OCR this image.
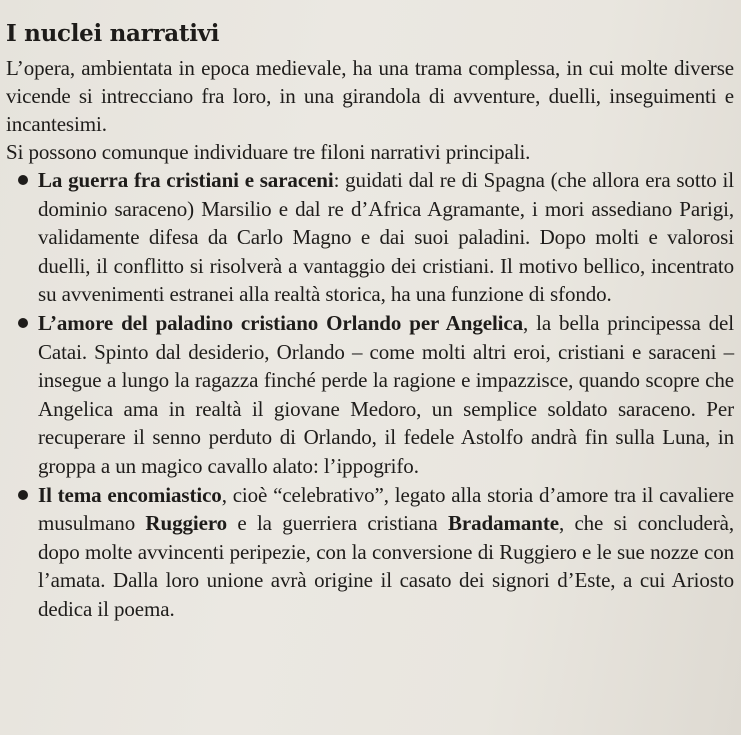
I nuclei narrativi

L’opera, ambientata in epoca medievale, ha una trama complessa, in cui molte diverse vicende si intrecciano fra loro, in una girandola di avventure, duelli, inseguimenti e incantesimi.

Si possono comunque individuare tre filoni narrativi principali.

La guerra fra cristiani e saraceni: guidati dal re di Spagna (che allora era sotto il dominio saraceno) Marsilio e dal re d’Africa Agramante, i mori assediano Parigi, validamente difesa da Carlo Magno e dai suoi paladini. Dopo molti e valorosi duelli, il conflitto si risolverà a vantaggio dei cristiani. Il motivo bellico, incentrato su avvenimenti estranei alla realtà storica, ha una funzione di sfondo.
L’amore del paladino cristiano Orlando per Angelica, la bella principessa del Catai. Spinto dal desiderio, Orlando – come molti altri eroi, cristiani e saraceni – insegue a lungo la ragazza finché perde la ragione e impazzisce, quando scopre che Angelica ama in realtà il giovane Medoro, un semplice soldato saraceno. Per recuperare il senno perduto di Orlando, il fedele Astolfo andrà fin sulla Luna, in groppa a un magico cavallo alato: l’ippogrifo.
Il tema encomiastico, cioè “celebrativo”, legato alla storia d’amore tra il cavaliere musulmano Ruggiero e la guerriera cristiana Bradamante, che si concluderà, dopo molte avvincenti peripezie, con la conversione di Ruggiero e le sue nozze con l’amata. Dalla loro unione avrà origine il casato dei signori d’Este, a cui Ariosto dedica il poema.
